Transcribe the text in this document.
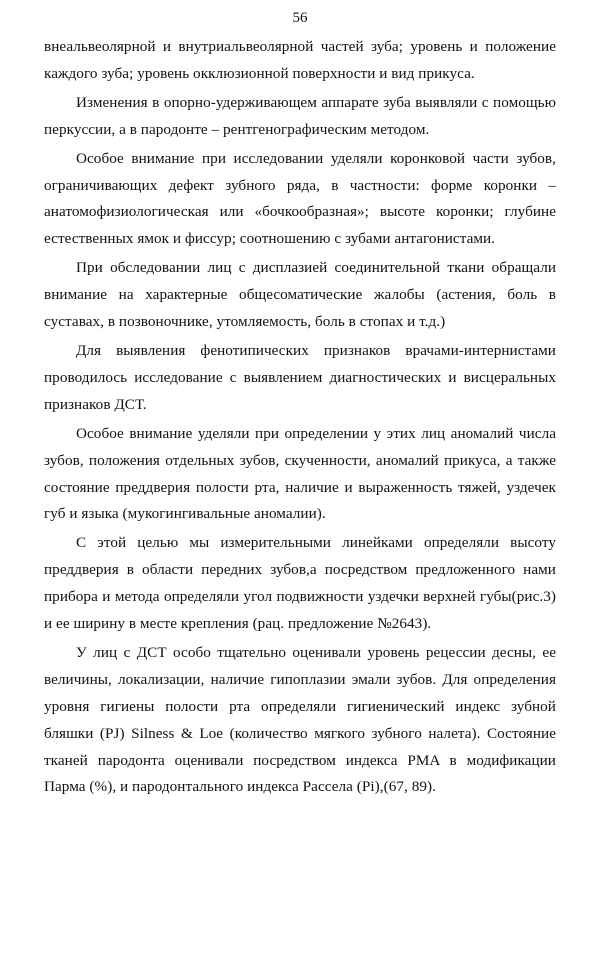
56

внеальвеолярной и внутриальвеолярной частей зуба; уровень и положение каждого зуба; уровень окклюзионной поверхности и вид прикуса.

Изменения в опорно-удерживающем аппарате зуба выявляли с помощью перкуссии, а в пародонте – рентгенографическим методом.

Особое внимание при исследовании уделяли коронковой части зубов, ограничивающих дефект зубного ряда, в частности: форме коронки – анатомофизиологическая или «бочкообразная»; высоте коронки; глубине естественных ямок и фиссур; соотношению с зубами антагонистами.

При обследовании лиц с дисплазией соединительной ткани обращали внимание на характерные общесоматические жалобы (астения, боль в суставах, в позвоночнике, утомляемость, боль в стопах и т.д.)

Для выявления фенотипических признаков врачами-интернистами проводилось исследование с выявлением диагностических и висцеральных признаков ДСТ.

Особое внимание уделяли при определении у этих лиц аномалий числа зубов, положения отдельных зубов, скученности, аномалий прикуса, а также состояние преддверия полости рта, наличие и выраженность тяжей, уздечек губ и языка (мукогингивальные аномалии).

С этой целью мы измерительными линейками определяли высоту преддверия в области передних зубов,а посредством предложенного нами прибора и метода определяли угол подвижности уздечки верхней губы(рис.3) и ее ширину в месте крепления (рац. предложение №2643).

У лиц с ДСТ особо тщательно оценивали уровень рецессии десны, ее величины, локализации, наличие гипоплазии эмали зубов. Для определения уровня гигиены полости рта определяли гигиенический индекс зубной бляшки (PJ) Silness & Loe (количество мягкого зубного налета). Состояние тканей пародонта оценивали посредством индекса PMA в модификации Парма (%), и пародонтального индекса Рассела (Pi),(67, 89).
